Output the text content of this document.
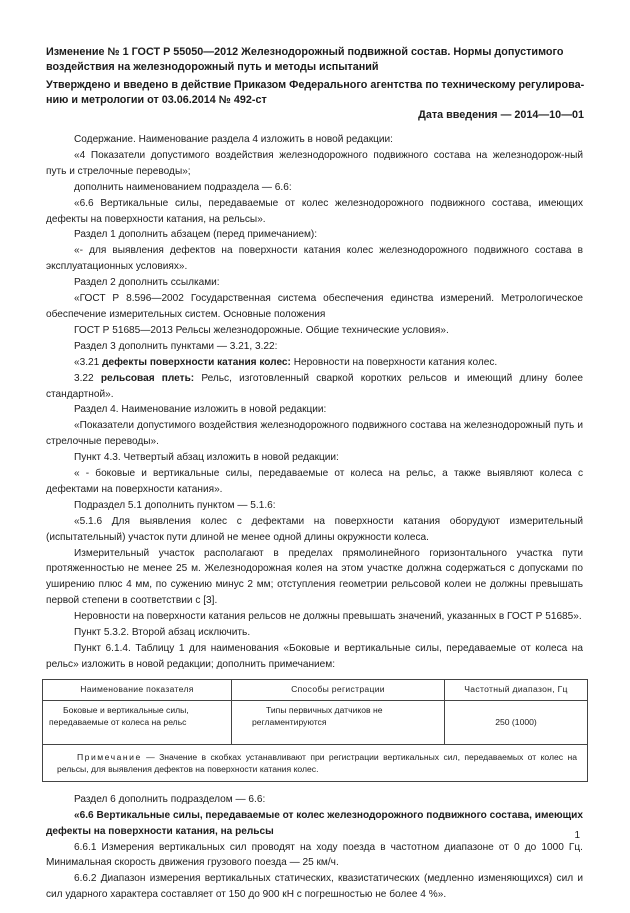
Изменение № 1 ГОСТ Р 55050—2012 Железнодорожный подвижной состав. Нормы допустимого
воздействия на железнодорожный путь и методы испытаний
Утверждено и введено в действие Приказом Федерального агентства по техническому регулирова-
нию и метрологии от 03.06.2014 № 492-ст
Дата введения — 2014—10—01

Содержание. Наименование раздела 4 изложить в новой редакции:

«4 Показатели допустимого воздействия железнодорожного подвижного состава на железнодорож-ный путь и стрелочные переводы»;

дополнить наименованием подраздела — 6.6:

«6.6 Вертикальные силы, передаваемые от колес железнодорожного подвижного состава, имеющих дефекты на поверхности катания, на рельсы».

Раздел 1 дополнить абзацем (перед примечанием):

«- для выявления дефектов на поверхности катания колес железнодорожного подвижного состава в эксплуатационных условиях».

Раздел 2 дополнить ссылками:

«ГОСТ Р 8.596—2002 Государственная система обеспечения единства измерений. Метрологическое обеспечение измерительных систем. Основные положения

ГОСТ Р 51685—2013 Рельсы железнодорожные. Общие технические условия».

Раздел 3 дополнить пунктами — 3.21, 3.22:

«3.21 дефекты поверхности катания колес: Неровности на поверхности катания колес.

3.22 рельсовая плеть: Рельс, изготовленный сваркой коротких рельсов и имеющий длину более стандартной».

Раздел 4. Наименование изложить в новой редакции:

«Показатели допустимого воздействия железнодорожного подвижного состава на железнодорожный путь и стрелочные переводы».

Пункт 4.3. Четвертый абзац изложить в новой редакции:

« - боковые и вертикальные силы, передаваемые от колеса на рельс, а также выявляют колеса с дефектами на поверхности катания».

Подраздел 5.1 дополнить пунктом — 5.1.6:

«5.1.6 Для выявления колес с дефектами на поверхности катания оборудуют измерительный (испытательный) участок пути длиной не менее одной длины окружности колеса.

Измерительный участок располагают в пределах прямолинейного горизонтального участка пути протяженностью не менее 25 м. Железнодорожная колея на этом участке должна содержаться с допусками по уширению плюс 4 мм, по сужению минус 2 мм; отступления геометрии рельсовой колеи не должны превышать первой степени в соответствии с [3].

Неровности на поверхности катания рельсов не должны превышать значений, указанных в ГОСТ Р 51685».

Пункт 5.3.2. Второй абзац исключить.

Пункт 6.1.4. Таблицу 1 для наименования «Боковые и вертикальные силы, передаваемые от колеса на рельс» изложить в новой редакции; дополнить примечанием:

Наименование показателя	Способы регистрации	Частотный диапазон, Гц
Боковые и вертикальные силы, передаваемые от колеса на рельс	Типы первичных датчиков не регламентируются	250 (1000)
Примечание — Значение в скобках устанавливают при регистрации вертикальных сил, передаваемых от колес на рельсы, для выявления дефектов на поверхности катания колес.		

Раздел 6 дополнить подразделом — 6.6:

«6.6 Вертикальные силы, передаваемые от колес железнодорожного подвижного состава, имеющих дефекты на поверхности катания, на рельсы

6.6.1 Измерения вертикальных сил проводят на ходу поезда в частотном диапазоне от 0 до 1000 Гц. Минимальная скорость движения грузового поезда — 25 км/ч.

6.6.2 Диапазон измерения вертикальных статических, квазистатических (медленно изменяющихся) сил и сил ударного характера составляет от 150 до 900 кН с погрешностью не более 4 %».

1
